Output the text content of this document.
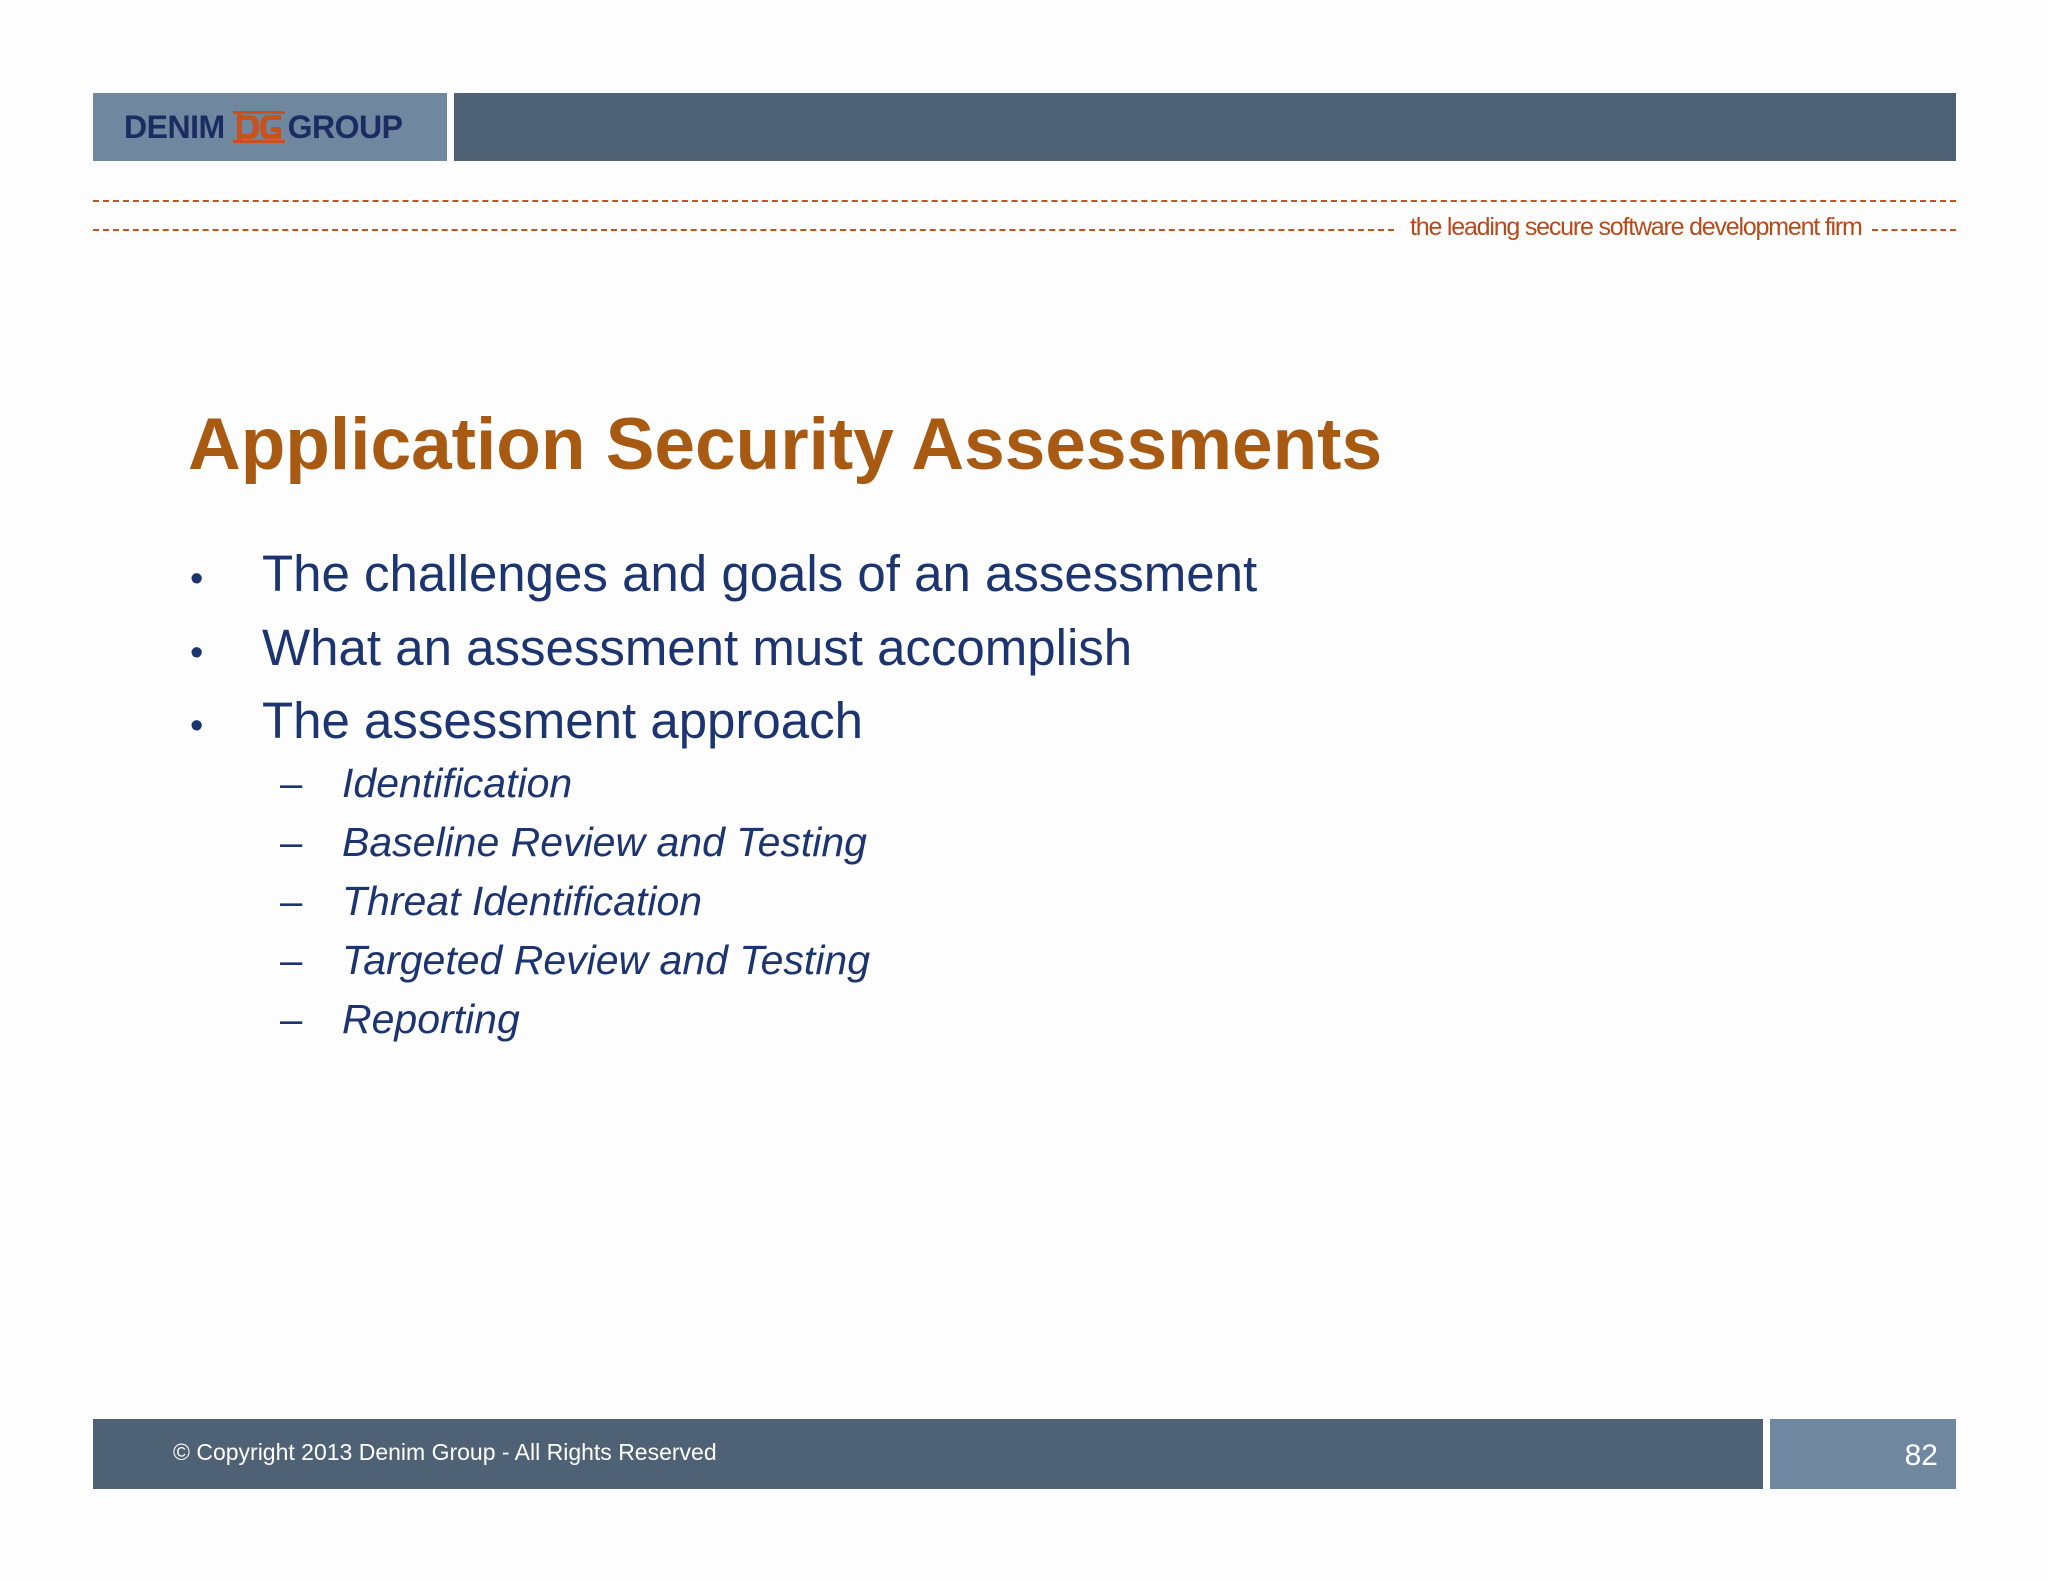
DENIM GROUP
the leading secure software development firm
Application Security Assessments
•	The challenges and goals of an assessment
•	What an assessment must accomplish
•	The assessment approach
– Identification
– Baseline Review and Testing
– Threat Identification
– Targeted Review and Testing
– Reporting
© Copyright 2013 Denim Group - All Rights Reserved	82
